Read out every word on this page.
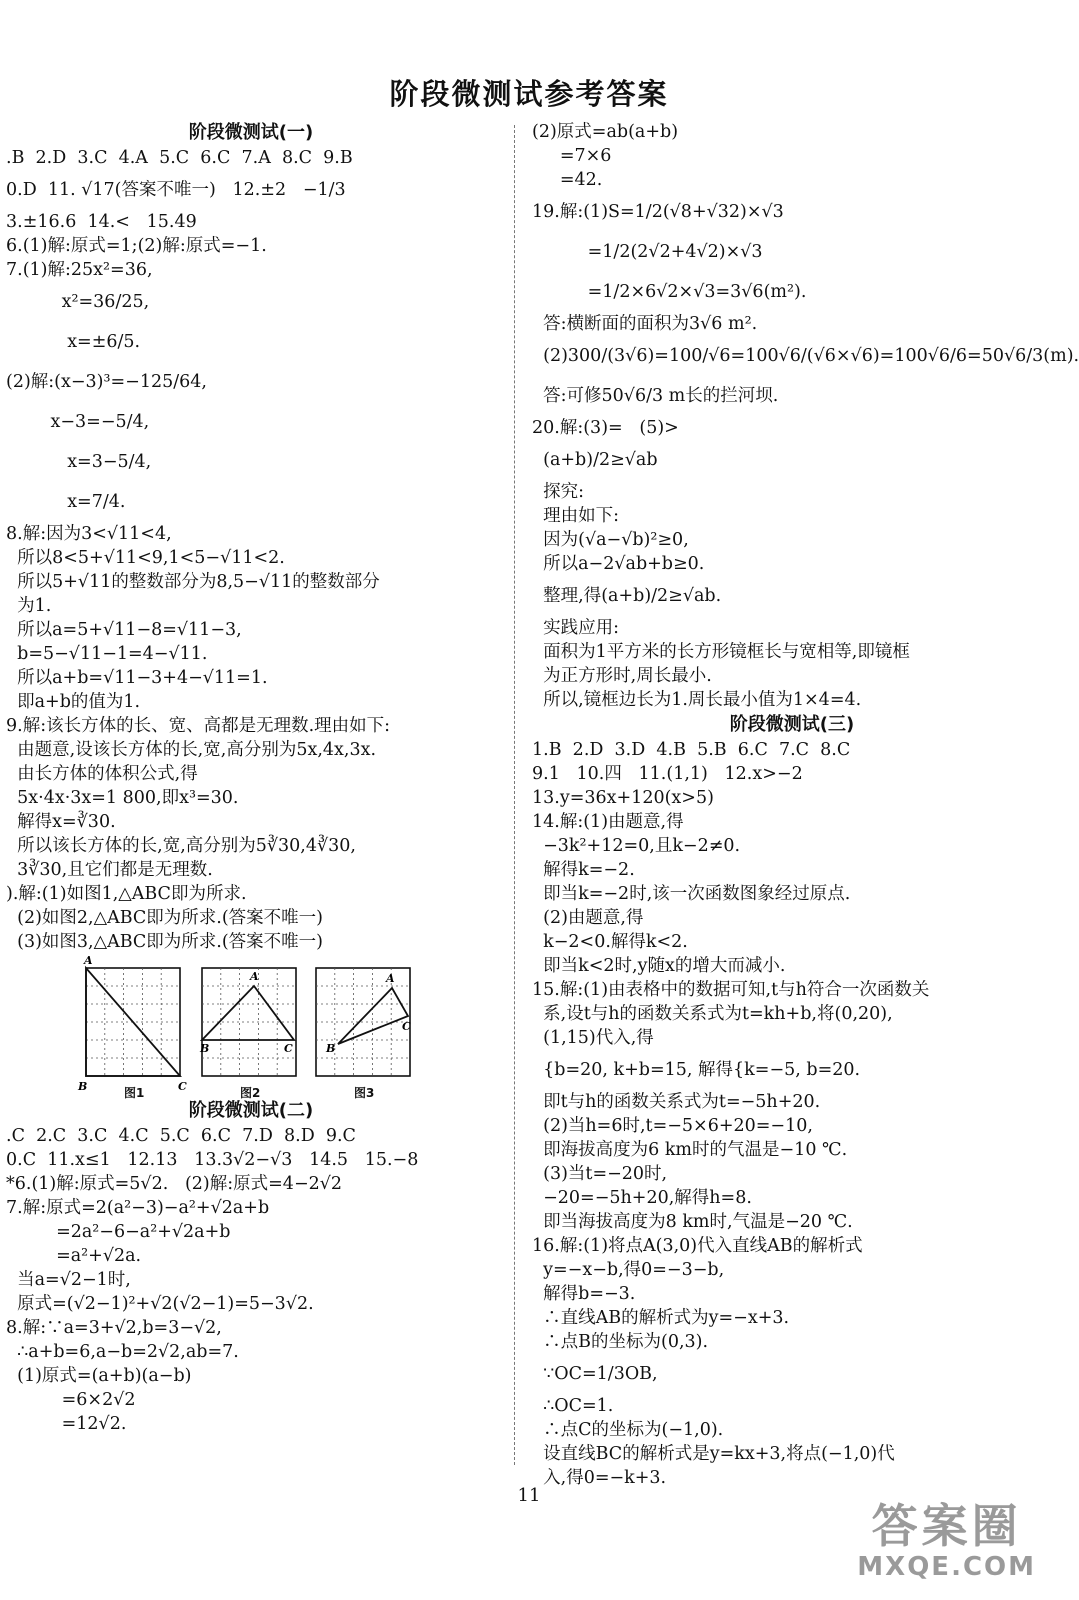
阶段微测试参考答案
阶段微测试(一)
.B  2.D  3.C  4.A  5.C  6.C  7.A  8.C  9.B
0.D  11. √17(答案不唯一)   12.±2   −1/3
3.±16.6  14.<   15.49
6.(1)解:原式=1;(2)解:原式=−1.
7.(1)解:25x²=36,
x²=36/25,
x=±6/5.
(2)解:(x−3)³=−125/64,
x−3=−5/4,
x=3−5/4,
x=7/4.
8.解:因为3<√11<4,
所以8<5+√11<9,1<5−√11<2.
所以5+√11的整数部分为8,5−√11的整数部分
为1.
所以a=5+√11−8=√11−3,
b=5−√11−1=4−√11.
所以a+b=√11−3+4−√11=1.
即a+b的值为1.
9.解:该长方体的长、宽、高都是无理数.理由如下:
由题意,设该长方体的长,宽,高分别为5x,4x,3x.
由长方体的体积公式,得
5x·4x·3x=1 800,即x³=30.
解得x=∛30.
所以该长方体的长,宽,高分别为5∛30,4∛30,
3∛30,且它们都是无理数.
).解:(1)如图1,△ABC即为所求.
(2)如图2,△ABC即为所求.(答案不唯一)
(3)如图3,△ABC即为所求.(答案不唯一)
A
B	C
图1
A
B	C
图2
A
B
C
图3
阶段微测试(二)
.C  2.C  3.C  4.C  5.C  6.C  7.D  8.D  9.C
0.C  11.x≤1   12.13   13.3√2−√3   14.5   15.−8
*6.(1)解:原式=5√2.   (2)解:原式=4−2√2
7.解:原式=2(a²−3)−a²+√2a+b
=2a²−6−a²+√2a+b
=a²+√2a.
当a=√2−1时,
原式=(√2−1)²+√2(√2−1)=5−3√2.
8.解:∵a=3+√2,b=3−√2,
∴a+b=6,a−b=2√2,ab=7.
(1)原式=(a+b)(a−b)
=6×2√2
=12√2.
(2)原式=ab(a+b)
=7×6
=42.
19.解:(1)S=1/2(√8+√32)×√3
=1/2(2√2+4√2)×√3
=1/2×6√2×√3=3√6(m²).
答:横断面的面积为3√6 m².
(2)300/(3√6)=100/√6=100√6/(√6×√6)=100√6/6=50√6/3(m).
答:可修50√6/3 m长的拦河坝.
20.解:(3)=   (5)>
(a+b)/2≥√ab
探究:
理由如下:
因为(√a−√b)²≥0,
所以a−2√ab+b≥0.
整理,得(a+b)/2≥√ab.
实践应用:
面积为1平方米的长方形镜框长与宽相等,即镜框
为正方形时,周长最小.
所以,镜框边长为1.周长最小值为1×4=4.
阶段微测试(三)
1.B  2.D  3.D  4.B  5.B  6.C  7.C  8.C
9.1   10.四   11.(1,1)   12.x>−2
13.y=36x+120(x>5)
14.解:(1)由题意,得
−3k²+12=0,且k−2≠0.
解得k=−2.
即当k=−2时,该一次函数图象经过原点.
(2)由题意,得
k−2<0.解得k<2.
即当k<2时,y随x的增大而减小.
15.解:(1)由表格中的数据可知,t与h符合一次函数关
系,设t与h的函数关系式为t=kh+b,将(0,20),
(1,15)代入,得
{b=20, k+b=15, 解得{k=−5, b=20.
即t与h的函数关系式为t=−5h+20.
(2)当h=6时,t=−5×6+20=−10,
即海拔高度为6 km时的气温是−10 ℃.
(3)当t=−20时,
−20=−5h+20,解得h=8.
即当海拔高度为8 km时,气温是−20 ℃.
16.解:(1)将点A(3,0)代入直线AB的解析式
y=−x−b,得0=−3−b,
解得b=−3.
∴直线AB的解析式为y=−x+3.
∴点B的坐标为(0,3).
∵OC=1/3OB,
∴OC=1.
∴点C的坐标为(−1,0).
设直线BC的解析式是y=kx+3,将点(−1,0)代
入,得0=−k+3.
11
答案圈
MXQE.COM
